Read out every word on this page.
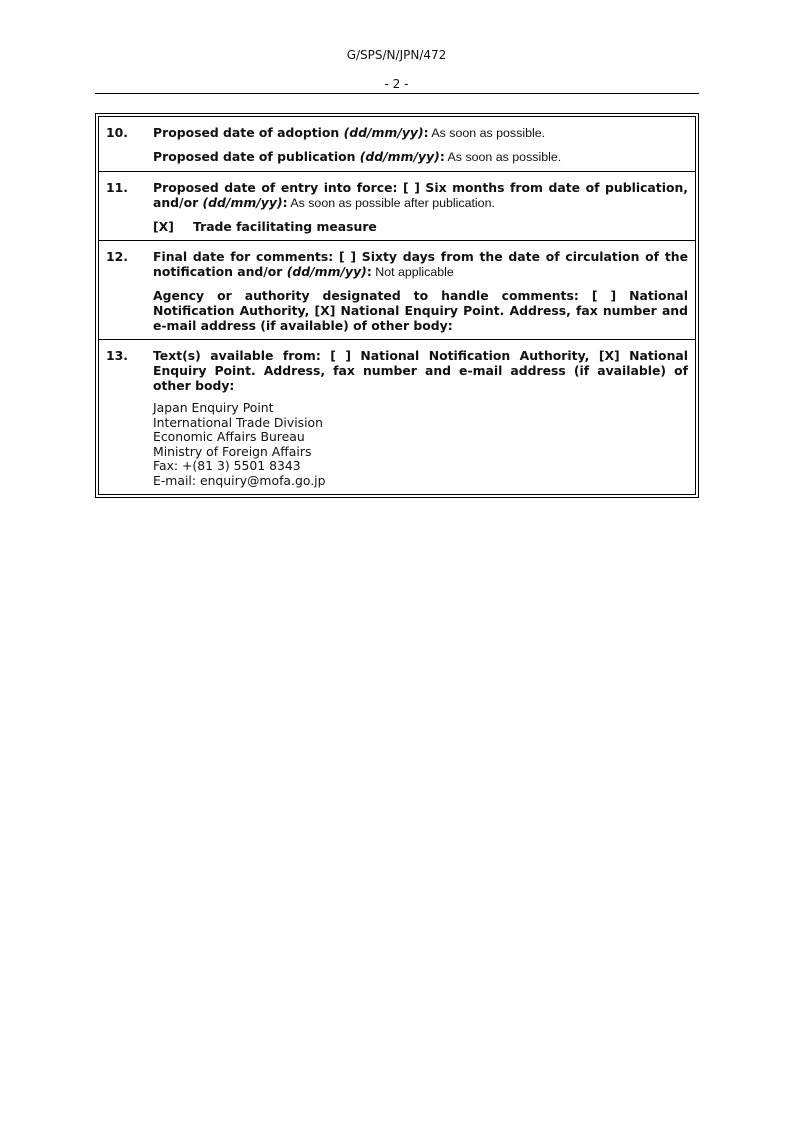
G/SPS/N/JPN/472
- 2 -
10.	Proposed date of adoption (dd/mm/yy): As soon as possible.

Proposed date of publication (dd/mm/yy): As soon as possible.

11.	Proposed date of entry into force: [ ] Six months from date of publication, and/or (dd/mm/yy): As soon as possible after publication.

[X] Trade facilitating measure

12.	Final date for comments: [ ] Sixty days from the date of circulation of the notification and/or (dd/mm/yy): Not applicable

Agency or authority designated to handle comments: [ ] National Notification Authority, [X] National Enquiry Point. Address, fax number and e-mail address (if available) of other body:

13.	Text(s) available from: [ ] National Notification Authority, [X] National Enquiry Point. Address, fax number and e-mail address (if available) of other body:

Japan Enquiry Point

International Trade Division

Economic Affairs Bureau

Ministry of Foreign Affairs

Fax: +(81 3) 5501 8343

E-mail: enquiry@mofa.go.jp
